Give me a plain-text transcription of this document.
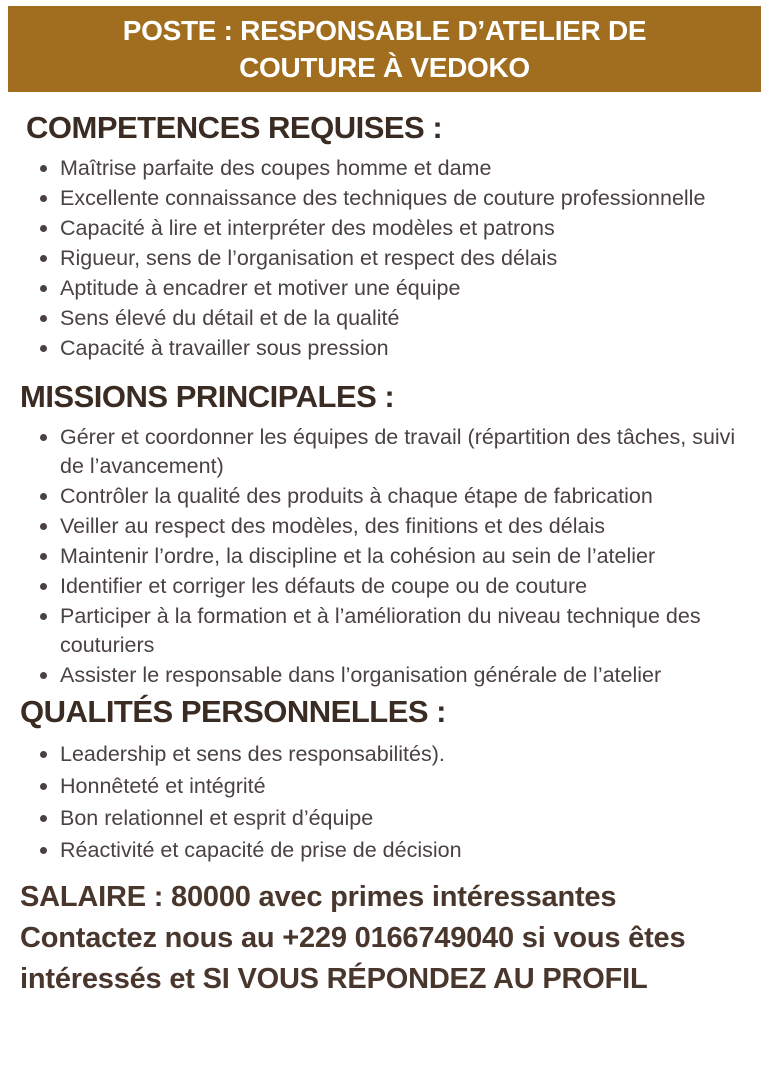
POSTE : RESPONSABLE D’ATELIER DE
COUTURE À VEDOKO
COMPETENCES REQUISES :
Maîtrise parfaite des coupes homme et dame
Excellente connaissance des techniques de couture professionnelle
Capacité à lire et interpréter des modèles et patrons
Rigueur, sens de l’organisation et respect des délais
Aptitude à encadrer et motiver une équipe
Sens élevé du détail et de la qualité
Capacité à travailler sous pression
MISSIONS PRINCIPALES :
Gérer et coordonner les équipes de travail (répartition des tâches, suivi de l’avancement)
Contrôler la qualité des produits à chaque étape de fabrication
Veiller au respect des modèles, des finitions et des délais
Maintenir l’ordre, la discipline et la cohésion au sein de l’atelier
Identifier et corriger les défauts de coupe ou de couture
Participer à la formation et à l’amélioration du niveau technique des couturiers
Assister le responsable dans l’organisation générale de l’atelier
QUALITÉS PERSONNELLES :
Leadership et sens des responsabilités).
Honnêteté et intégrité
Bon relationnel et esprit d’équipe
Réactivité et capacité de prise de décision

SALAIRE : 80000 avec primes intéressantes

Contactez nous au +229 0166749040 si vous êtes intéressés et SI VOUS RÉPONDEZ AU PROFIL
